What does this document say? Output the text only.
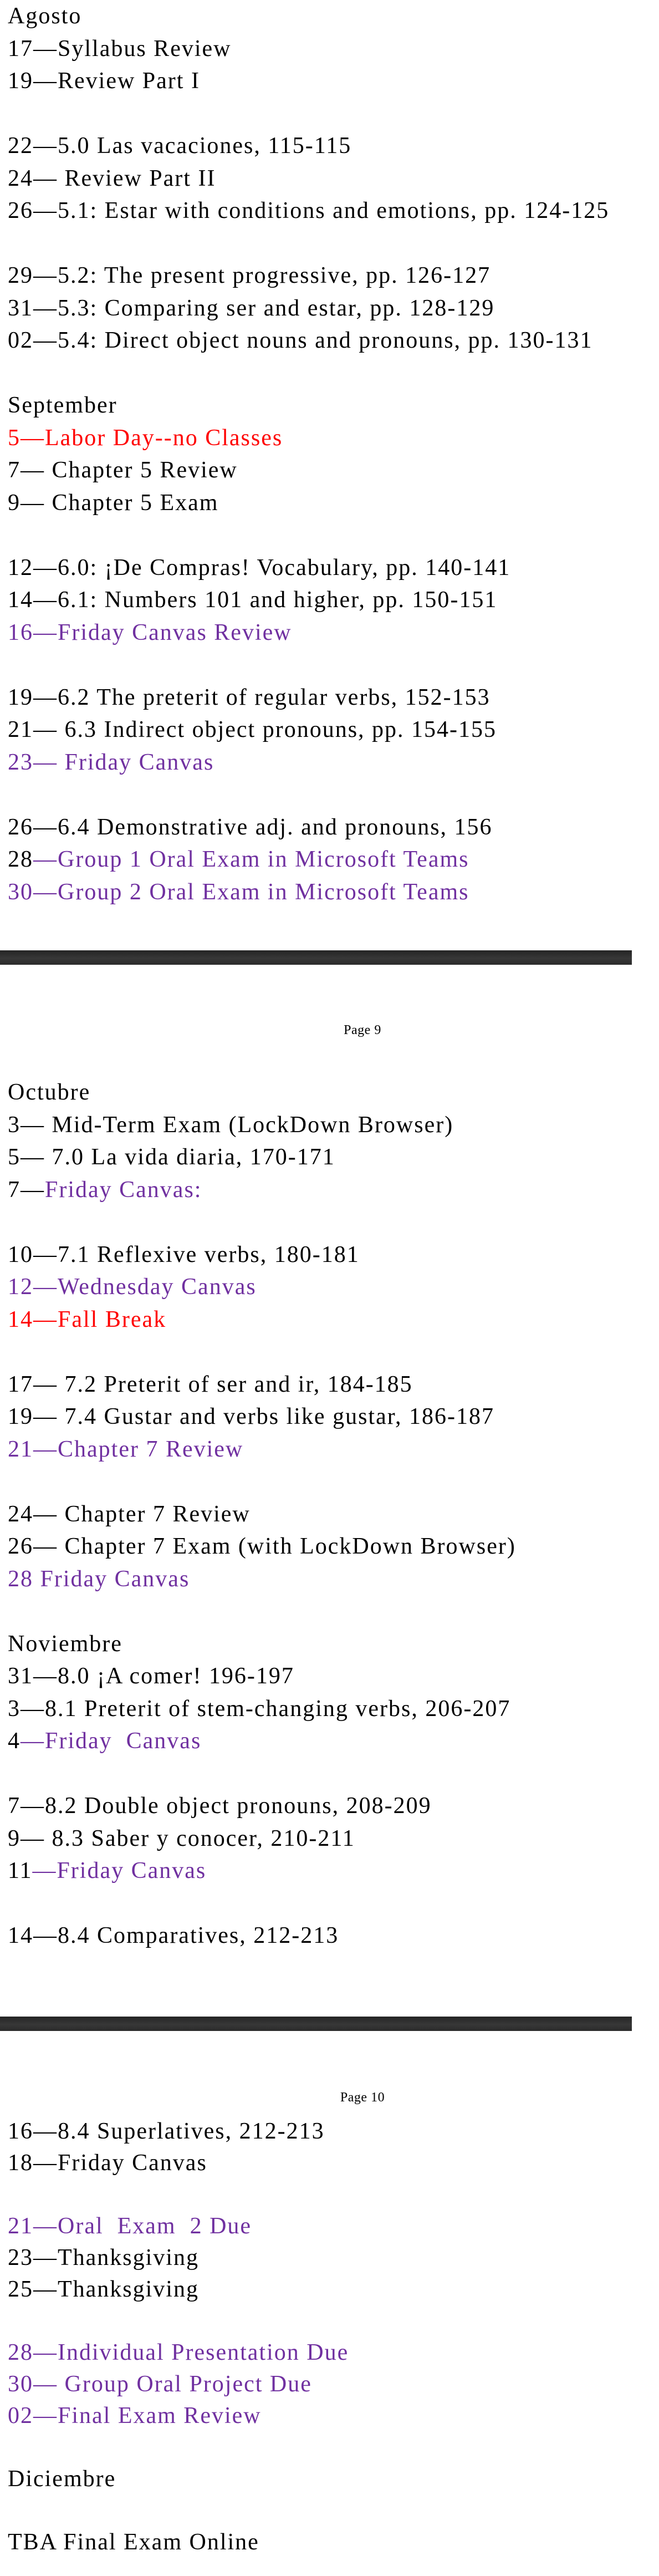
Agosto
17—Syllabus Review
19—Review Part I

22—5.0 Las vacaciones, 115-115
24— Review Part II
26—5.1: Estar with conditions and emotions, pp. 124-125

29—5.2: The present progressive, pp. 126-127
31—5.3: Comparing ser and estar, pp. 128-129
02—5.4: Direct object nouns and pronouns, pp. 130-131

September
5—Labor Day--no Classes
7— Chapter 5 Review
9— Chapter 5 Exam

12—6.0: ¡De Compras! Vocabulary, pp. 140-141
14—6.1: Numbers 101 and higher, pp. 150-151
16—Friday Canvas Review

19—6.2 The preterit of regular verbs, 152-153
21— 6.3 Indirect object pronouns, pp. 154-155
23— Friday Canvas

26—6.4 Demonstrative adj. and pronouns, 156
28—Group 1 Oral Exam in Microsoft Teams
30—Group 2 Oral Exam in Microsoft Teams
Page 9
Octubre
3— Mid-Term Exam (LockDown Browser)
5— 7.0 La vida diaria, 170-171
7—Friday Canvas:

10—7.1 Reflexive verbs, 180-181
12—Wednesday Canvas
14—Fall Break

17— 7.2 Preterit of ser and ir, 184-185
19— 7.4 Gustar and verbs like gustar, 186-187
21—Chapter 7 Review

24— Chapter 7 Review
26— Chapter 7 Exam (with LockDown Browser)
28 Friday Canvas

Noviembre
31—8.0 ¡A comer! 196-197
3—8.1 Preterit of stem-changing verbs, 206-207
4—Friday  Canvas

7—8.2 Double object pronouns, 208-209
9— 8.3 Saber y conocer, 210-211
11—Friday Canvas

14—8.4 Comparatives, 212-213
Page 10
16—8.4 Superlatives, 212-213
18—Friday Canvas

21—Oral  Exam  2 Due
23—Thanksgiving
25—Thanksgiving

28—Individual Presentation Due
30— Group Oral Project Due
02—Final Exam Review

Diciembre

TBA Final Exam Online
